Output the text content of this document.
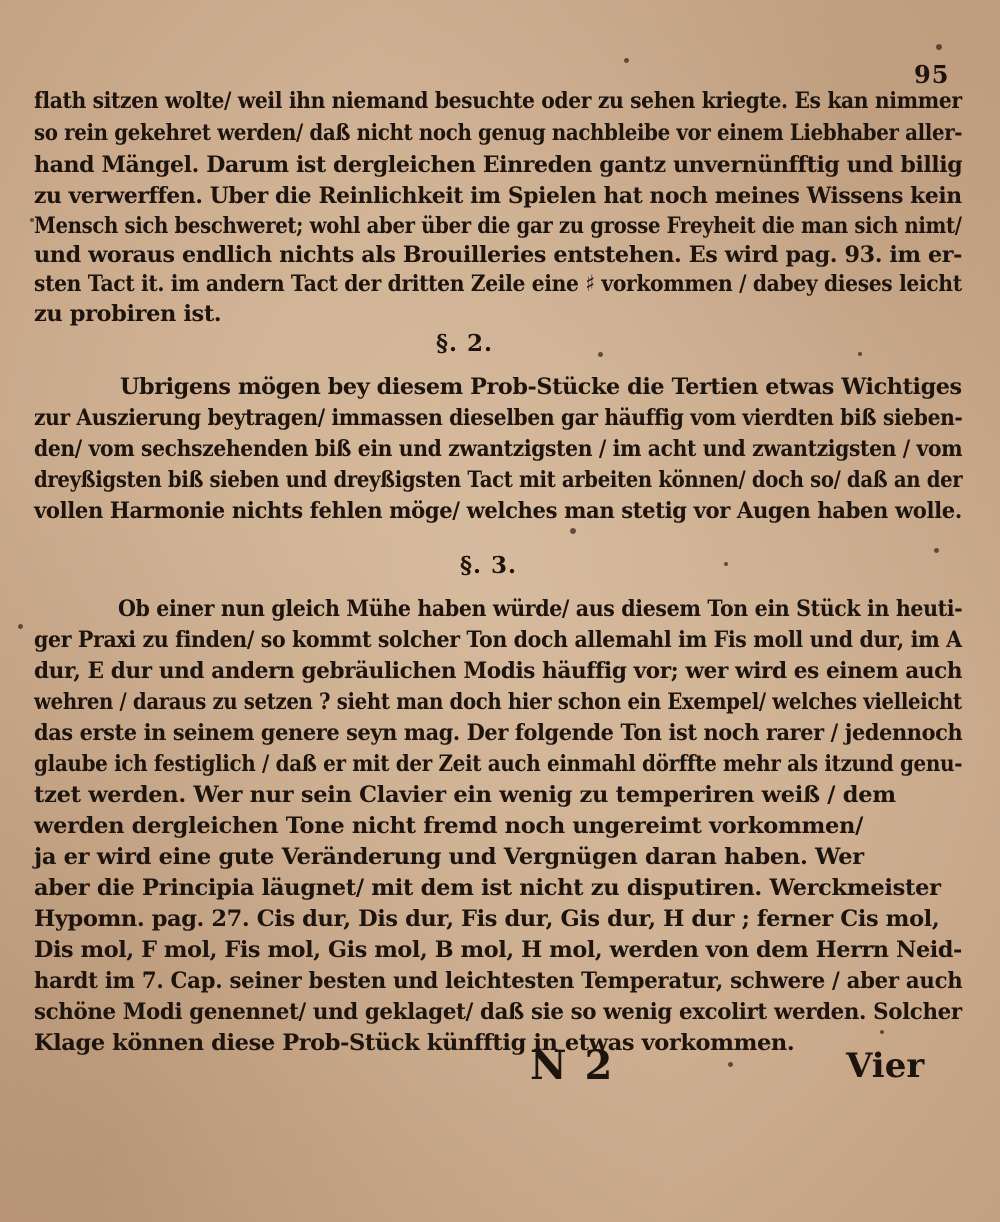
95
flath sitzen wolte/ weil ihn niemand besuchte oder zu sehen kriegte. Es kan nimmer
so rein gekehret werden/ daß nicht noch genug nachbleibe vor einem Liebhaber aller-
hand Mängel. Darum ist dergleichen Einreden gantz unvernünfftig und billig
zu verwerffen. Uber die Reinlichkeit im Spielen hat noch meines Wissens kein
Mensch sich beschweret; wohl aber über die gar zu grosse Freyheit die man sich nimt/
und woraus endlich nichts als Brouilleries entstehen. Es wird pag. 93. im er-
sten Tact it. im andern Tact der dritten Zeile eine ♯ vorkommen / dabey dieses leicht
zu probiren ist.
§. 2.
Ubrigens mögen bey diesem Prob-Stücke die Tertien etwas Wichtiges
zur Auszierung beytragen/ immassen dieselben gar häuffig vom vierdten biß sieben-
den/ vom sechszehenden biß ein und zwantzigsten / im acht und zwantzigsten / vom
dreyßigsten biß sieben und dreyßigsten Tact mit arbeiten können/ doch so/ daß an der
vollen Harmonie nichts fehlen möge/ welches man stetig vor Augen haben wolle.
§. 3.
Ob einer nun gleich Mühe haben würde/ aus diesem Ton ein Stück in heuti-
ger Praxi zu finden/ so kommt solcher Ton doch allemahl im Fis moll und dur, im A
dur, E dur und andern gebräulichen Modis häuffig vor; wer wird es einem auch
wehren / daraus zu setzen ? sieht man doch hier schon ein Exempel/ welches vielleicht
das erste in seinem genere seyn mag. Der folgende Ton ist noch rarer / jedennoch
glaube ich festiglich / daß er mit der Zeit auch einmahl dörffte mehr als itzund genu-
tzet werden. Wer nur sein Clavier ein wenig zu temperiren weiß / dem
werden dergleichen Tone nicht fremd noch ungereimt vorkommen/
ja er wird eine gute Veränderung und Vergnügen daran haben. Wer
aber die Principia läugnet/ mit dem ist nicht zu disputiren. Werckmeister
Hypomn. pag. 27. Cis dur, Dis dur, Fis dur, Gis dur, H dur ; ferner Cis mol,
Dis mol, F mol, Fis mol, Gis mol, B mol, H mol, werden von dem Herrn Neid-
hardt im 7. Cap. seiner besten und leichtesten Temperatur, schwere / aber auch
schöne Modi genennet/ und geklaget/ daß sie so wenig excolirt werden. Solcher
Klage können diese Prob-Stück künfftig in etwas vorkommen.
N 2	Vier
